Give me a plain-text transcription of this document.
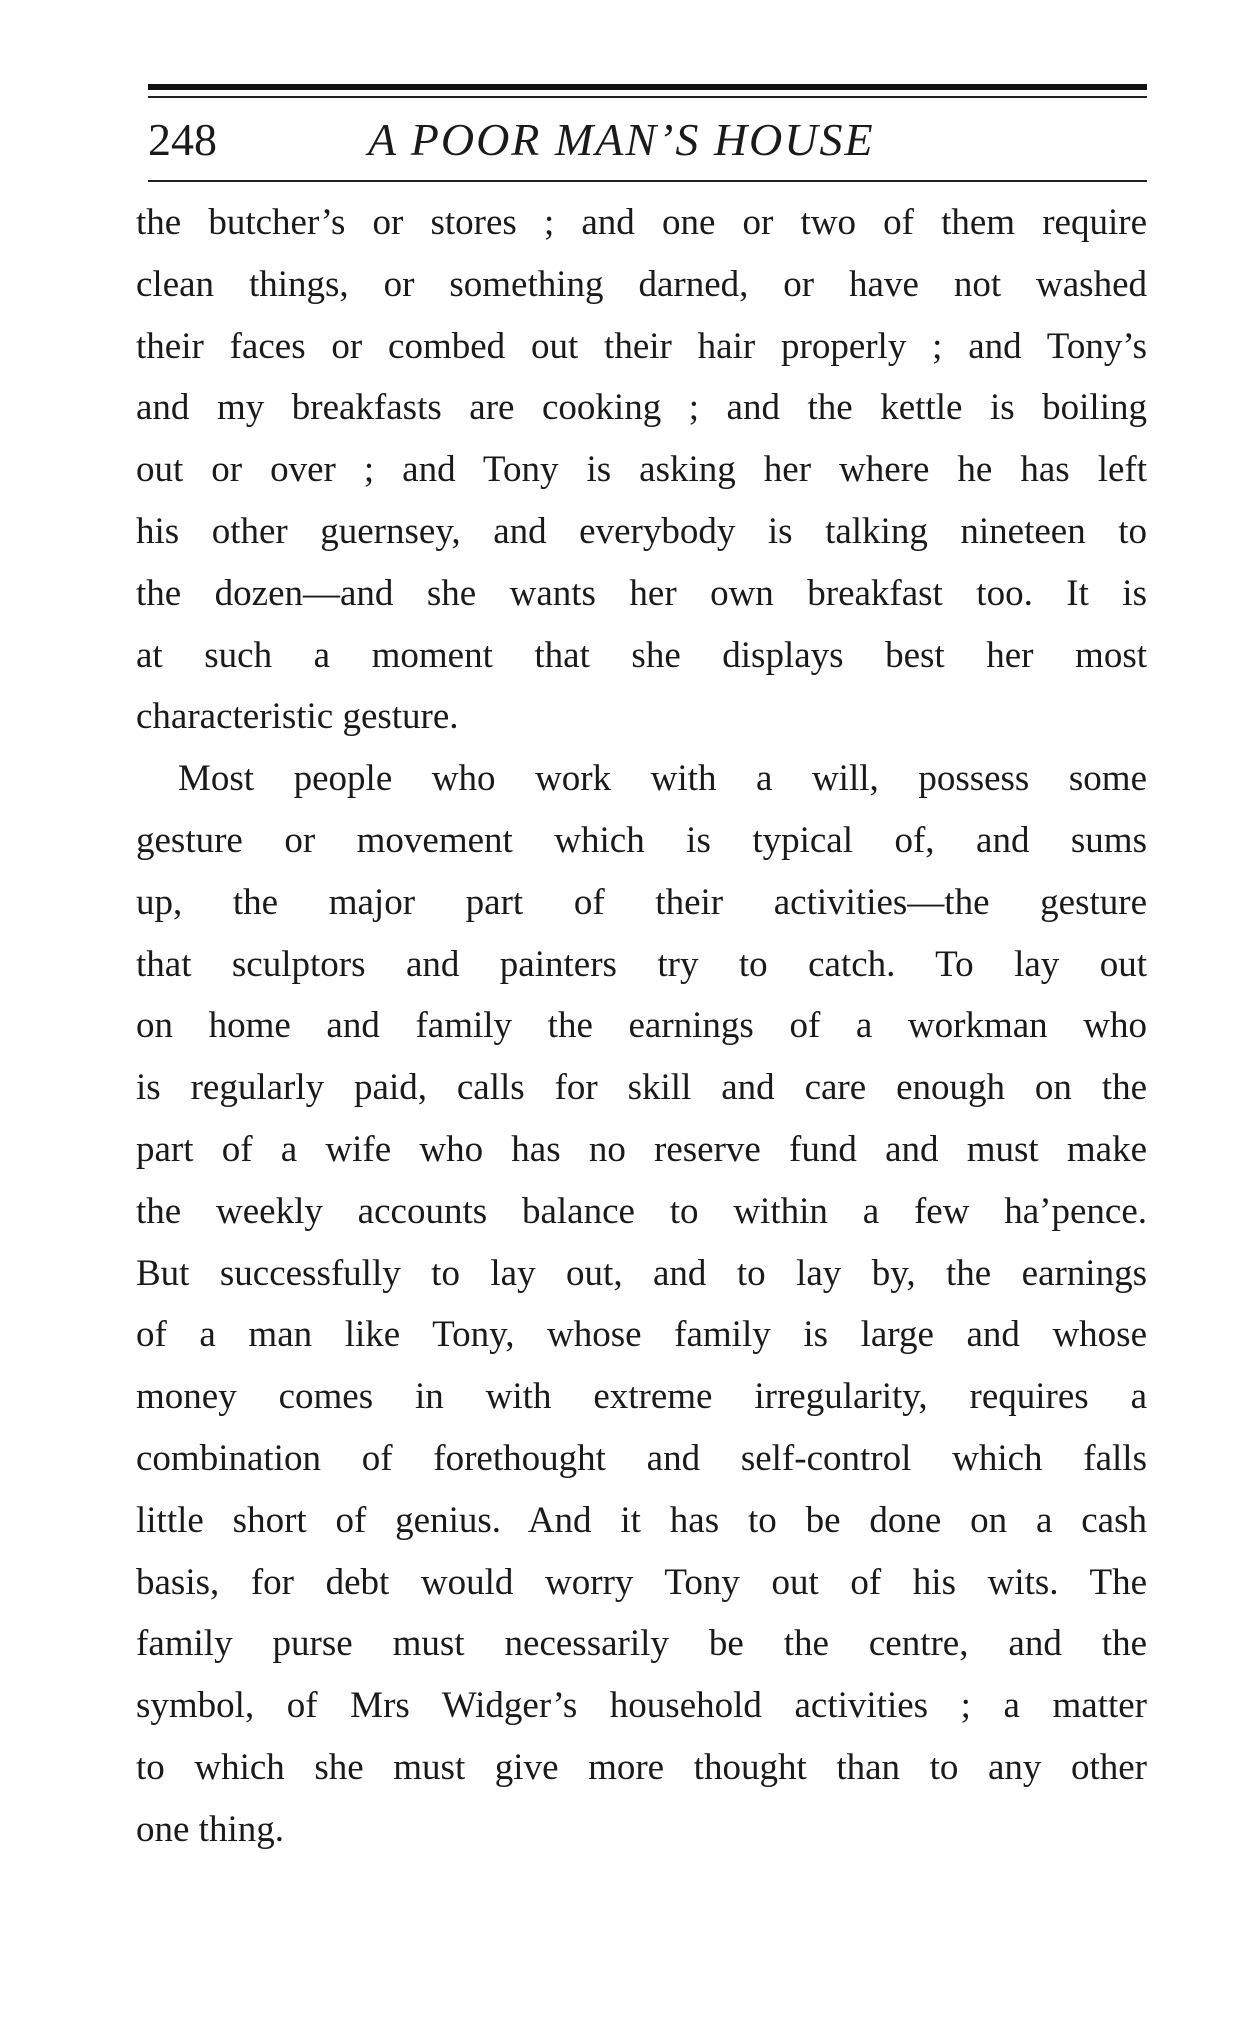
248	A POOR MAN’S HOUSE
the butcher’s or stores ; and one or two of them require
clean things, or something darned, or have not washed
their faces or combed out their hair properly ; and Tony’s
and my breakfasts are cooking ; and the kettle is boiling
out or over ; and Tony is asking her where he has left
his other guernsey, and everybody is talking nineteen to
the dozen—and she wants her own breakfast too. It is
at such a moment that she displays best her most
characteristic gesture.
Most people who work with a will, possess some
gesture or movement which is typical of, and sums
up, the major part of their activities—the gesture
that sculptors and painters try to catch. To lay out
on home and family the earnings of a workman who
is regularly paid, calls for skill and care enough on the
part of a wife who has no reserve fund and must make
the weekly accounts balance to within a few ha’pence.
But successfully to lay out, and to lay by, the earnings
of a man like Tony, whose family is large and whose
money comes in with extreme irregularity, requires a
combination of forethought and self-control which falls
little short of genius. And it has to be done on a cash
basis, for debt would worry Tony out of his wits. The
family purse must necessarily be the centre, and the
symbol, of Mrs Widger’s household activities ; a matter
to which she must give more thought than to any other
one thing.
